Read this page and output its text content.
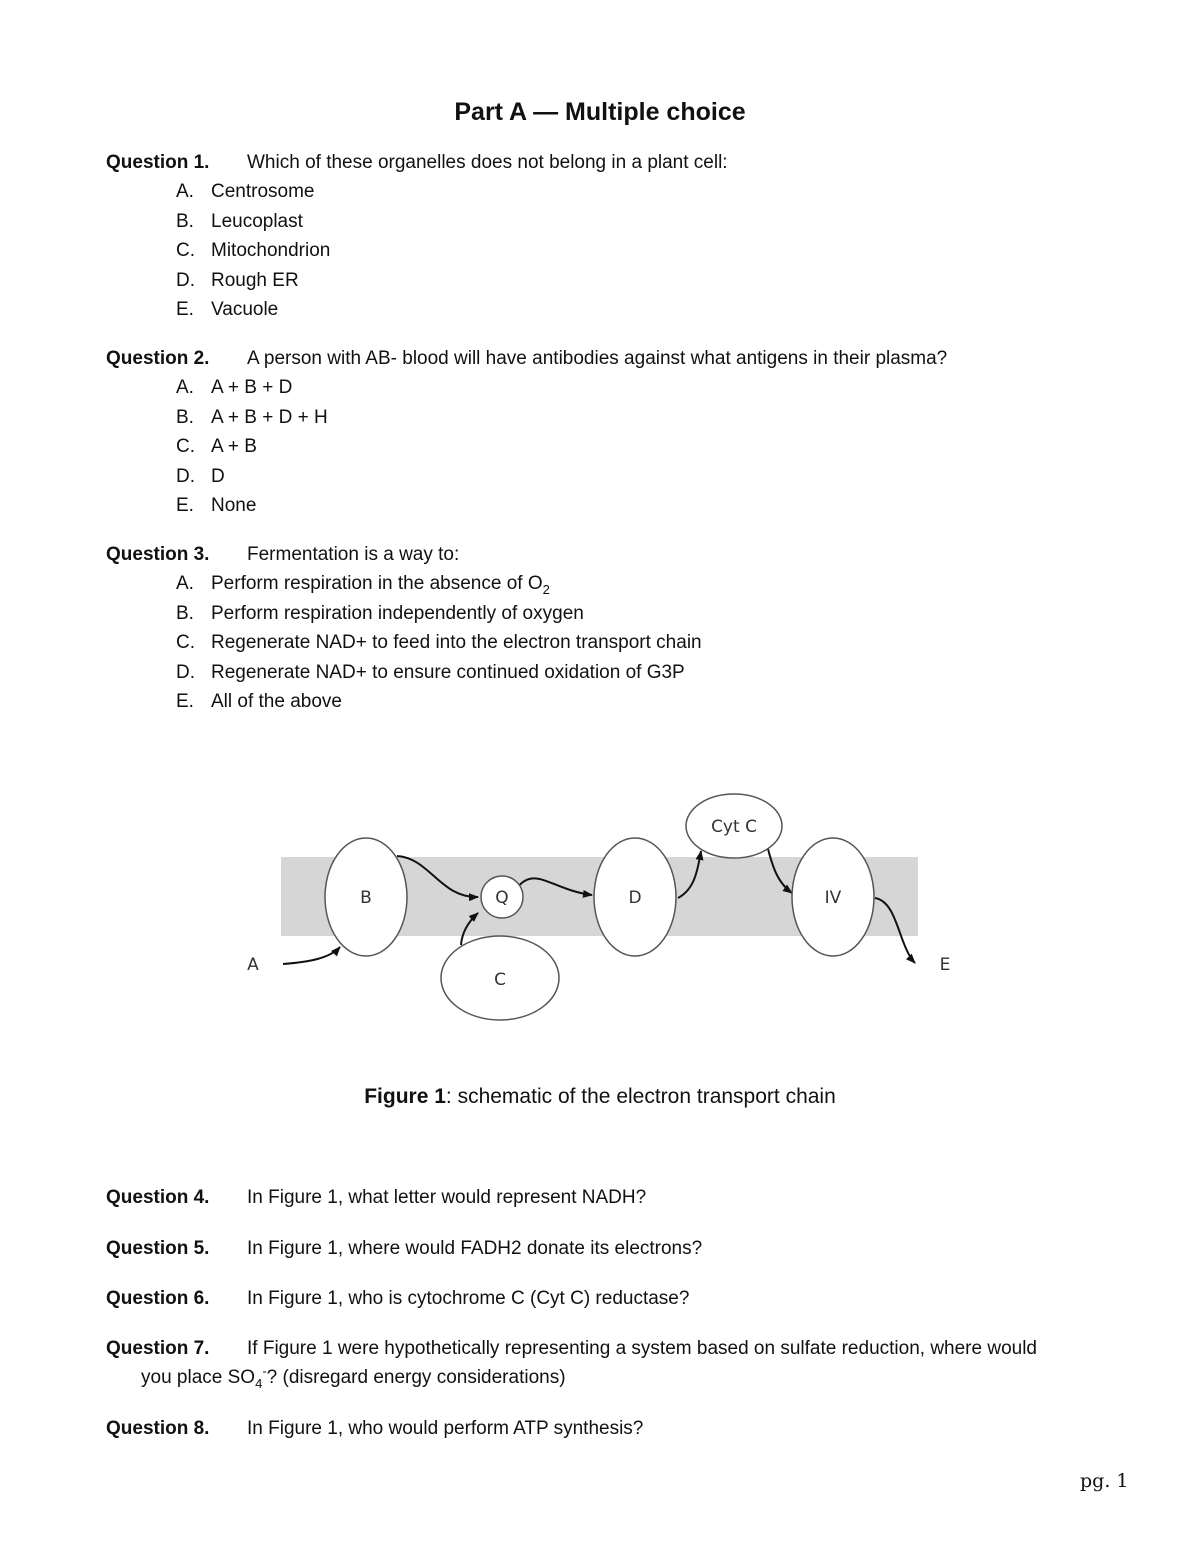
Part A — Multiple choice
Question 1. Which of these organelles does not belong in a plant cell:
A. Centrosome
B. Leucoplast
C. Mitochondrion
D. Rough ER
E. Vacuole
Question 2. A person with AB- blood will have antibodies against what antigens in their plasma?
A. A + B + D
B. A + B + D + H
C. A + B
D. D
E. None
Question 3. Fermentation is a way to:
A. Perform respiration in the absence of $O_2$
B. Perform respiration independently of oxygen
C. Regenerate NAD+ to feed into the electron transport chain
D. Regenerate NAD+ to ensure continued oxidation of G3P
E. All of the above
A
B	Q
C
D
Cyt C
IV
E
Figure 1: schematic of the electron transport chain
Question 4. In Figure 1, what letter would represent NADH?
Question 5. In Figure 1, where would FADH2 donate its electrons?
Question 6. In Figure 1, who is cytochrome C (Cyt C) reductase?
Question 7. If Figure 1 were hypothetically representing a system based on sulfate reduction, where would
you place $SO_4^-$? (disregard energy considerations)
Question 8. In Figure 1, who would perform ATP synthesis?
pg. 1
